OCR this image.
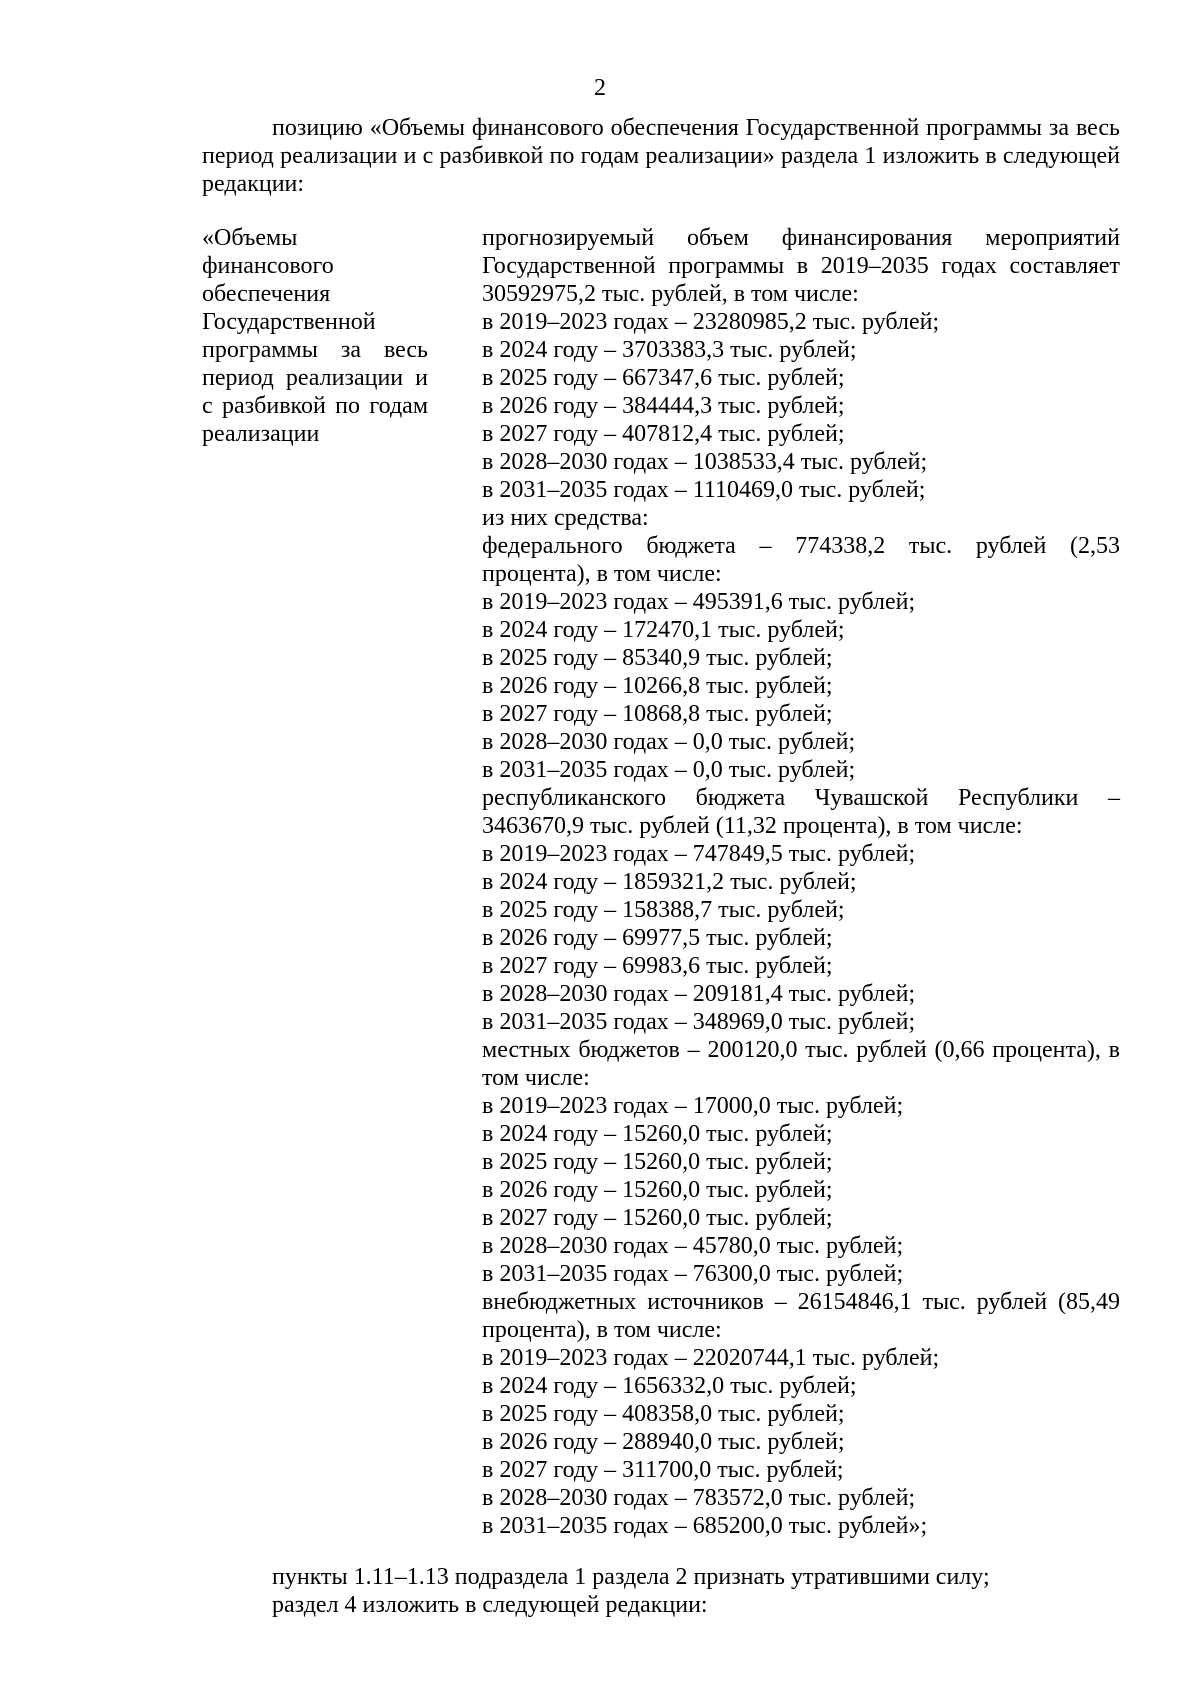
2

позицию «Объемы финансового обеспечения Государственной программы за весь период реализации и с разбивкой по годам реализации» раздела 1 изложить в следующей редакции:

«Объемы финансового обеспечения Государственной программы за весь период реализации и с разбивкой по годам реализации

прогнозируемый объем финансирования мероприятий Государственной программы в 2019–2035 годах составляет 30592975,2 тыс. рублей, в том числе:
в 2019–2023 годах – 23280985,2 тыс. рублей;
в 2024 году – 3703383,3 тыс. рублей;
в 2025 году – 667347,6 тыс. рублей;
в 2026 году – 384444,3 тыс. рублей;
в 2027 году – 407812,4 тыс. рублей;
в 2028–2030 годах – 1038533,4 тыс. рублей;
в 2031–2035 годах – 1110469,0 тыс. рублей;
из них средства:
федерального бюджета – 774338,2 тыс. рублей (2,53 процента), в том числе:
в 2019–2023 годах – 495391,6 тыс. рублей;
в 2024 году – 172470,1 тыс. рублей;
в 2025 году – 85340,9 тыс. рублей;
в 2026 году – 10266,8 тыс. рублей;
в 2027 году – 10868,8 тыс. рублей;
в 2028–2030 годах – 0,0 тыс. рублей;
в 2031–2035 годах – 0,0 тыс. рублей;
республиканского бюджета Чувашской Республики – 3463670,9 тыс. рублей (11,32 процента), в том числе:
в 2019–2023 годах – 747849,5 тыс. рублей;
в 2024 году – 1859321,2 тыс. рублей;
в 2025 году – 158388,7 тыс. рублей;
в 2026 году – 69977,5 тыс. рублей;
в 2027 году – 69983,6 тыс. рублей;
в 2028–2030 годах – 209181,4 тыс. рублей;
в 2031–2035 годах – 348969,0 тыс. рублей;
местных бюджетов – 200120,0 тыс. рублей (0,66 процента), в том числе:
в 2019–2023 годах – 17000,0 тыс. рублей;
в 2024 году – 15260,0 тыс. рублей;
в 2025 году – 15260,0 тыс. рублей;
в 2026 году – 15260,0 тыс. рублей;
в 2027 году – 15260,0 тыс. рублей;
в 2028–2030 годах – 45780,0 тыс. рублей;
в 2031–2035 годах – 76300,0 тыс. рублей;
внебюджетных источников – 26154846,1 тыс. рублей (85,49 процента), в том числе:
в 2019–2023 годах – 22020744,1 тыс. рублей;
в 2024 году – 1656332,0 тыс. рублей;
в 2025 году – 408358,0 тыс. рублей;
в 2026 году – 288940,0 тыс. рублей;
в 2027 году – 311700,0 тыс. рублей;
в 2028–2030 годах – 783572,0 тыс. рублей;
в 2031–2035 годах – 685200,0 тыс. рублей»;
пункты 1.11–1.13 подраздела 1 раздела 2 признать утратившими силу;
раздел 4 изложить в следующей редакции:
